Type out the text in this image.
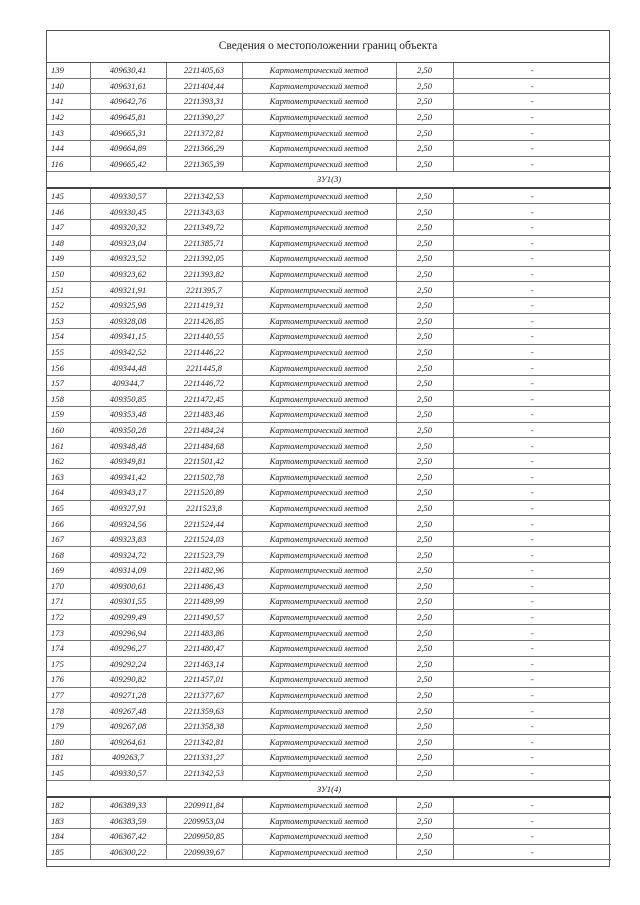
Сведения о местоположении границ объекта
139	409630,41	2211405,63	Картометрический метод	2,50	-
140	409631,61	2211404,44	Картометрический метод	2,50	-
141	409642,76	2211393,31	Картометрический метод	2,50	-
142	409645,81	2211390,27	Картометрический метод	2,50	-
143	409665,31	2211372,81	Картометрический метод	2,50	-
144	409664,89	2211366,29	Картометрический метод	2,50	-
116	409665,42	2211365,39	Картометрический метод	2,50	-
ЗУ1(3)					
145	409330,57	2211342,53	Картометрический метод	2,50	-
146	409330,45	2211343,63	Картометрический метод	2,50	-
147	409320,32	2211349,72	Картометрический метод	2,50	-
148	409323,04	2211385,71	Картометрический метод	2,50	-
149	409323,52	2211392,05	Картометрический метод	2,50	-
150	409323,62	2211393,82	Картометрический метод	2,50	-
151	409321,91	2211395,7	Картометрический метод	2,50	-
152	409325,98	2211419,31	Картометрический метод	2,50	-
153	409328,08	2211426,85	Картометрический метод	2,50	-
154	409341,15	2211440,55	Картометрический метод	2,50	-
155	409342,52	2211446,22	Картометрический метод	2,50	-
156	409344,48	2211445,8	Картометрический метод	2,50	-
157	409344,7	2211446,72	Картометрический метод	2,50	-
158	409350,85	2211472,45	Картометрический метод	2,50	-
159	409353,48	2211483,46	Картометрический метод	2,50	-
160	409350,28	2211484,24	Картометрический метод	2,50	-
161	409348,48	2211484,68	Картометрический метод	2,50	-
162	409349,81	2211501,42	Картометрический метод	2,50	-
163	409341,42	2211502,78	Картометрический метод	2,50	-
164	409343,17	2211520,89	Картометрический метод	2,50	-
165	409327,91	2211523,8	Картометрический метод	2,50	-
166	409324,56	2211524,44	Картометрический метод	2,50	-
167	409323,83	2211524,03	Картометрический метод	2,50	-
168	409324,72	2211523,79	Картометрический метод	2,50	-
169	409314,09	2211482,96	Картометрический метод	2,50	-
170	409300,61	2211486,43	Картометрический метод	2,50	-
171	409301,55	2211489,99	Картометрический метод	2,50	-
172	409299,49	2211490,57	Картометрический метод	2,50	-
173	409296,94	2211483,86	Картометрический метод	2,50	-
174	409296,27	2211480,47	Картометрический метод	2,50	-
175	409292,24	2211463,14	Картометрический метод	2,50	-
176	409290,82	2211457,01	Картометрический метод	2,50	-
177	409271,28	2211377,67	Картометрический метод	2,50	-
178	409267,48	2211359,63	Картометрический метод	2,50	-
179	409267,08	2211358,38	Картометрический метод	2,50	-
180	409264,61	2211342,81	Картометрический метод	2,50	-
181	409263,7	2211331,27	Картометрический метод	2,50	-
145	409330,57	2211342,53	Картометрический метод	2,50	-
ЗУ1(4)					
182	406389,33	2209911,84	Картометрический метод	2,50	-
183	406383,59	2209953,04	Картометрический метод	2,50	-
184	406367,42	2209950,85	Картометрический метод	2,50	-
185	406300,22	2209939,67	Картометрический метод	2,50	-
